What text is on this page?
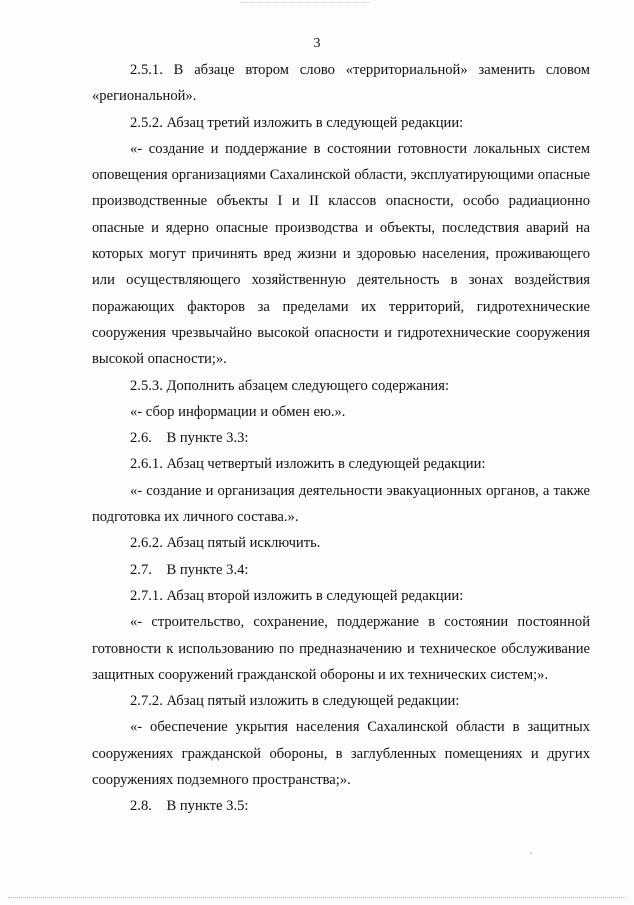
3

2.5.1. В абзаце втором слово «территориальной» заменить словом «региональной».

2.5.2. Абзац третий изложить в следующей редакции:

«- создание и поддержание в состоянии готовности локальных систем оповещения организациями Сахалинской области, эксплуатирующими опасные производственные объекты I и II классов опасности, особо радиационно опасные и ядерно опасные производства и объекты, последствия аварий на которых могут причинять вред жизни и здоровью населения, проживающего или осуществляющего хозяйственную деятельность в зонах воздействия поражающих факторов за пределами их территорий, гидротехнические сооружения чрезвычайно высокой опасности и гидротехнические сооружения высокой опасности;».

2.5.3. Дополнить абзацем следующего содержания:

«- сбор информации и обмен ею.».

2.6.    В пункте 3.3:

2.6.1. Абзац четвертый изложить в следующей редакции:

«- создание и организация деятельности эвакуационных органов, а также подготовка их личного состава.».

2.6.2. Абзац пятый исключить.

2.7.    В пункте 3.4:

2.7.1. Абзац второй изложить в следующей редакции:

«- строительство, сохранение, поддержание в состоянии постоянной готовности к использованию по предназначению и техническое обслуживание защитных сооружений гражданской обороны и их технических систем;».

2.7.2. Абзац пятый изложить в следующей редакции:

«- обеспечение укрытия населения Сахалинской области в защитных сооружениях гражданской обороны, в заглубленных помещениях и других сооружениях подземного пространства;».

2.8.    В пункте 3.5:
